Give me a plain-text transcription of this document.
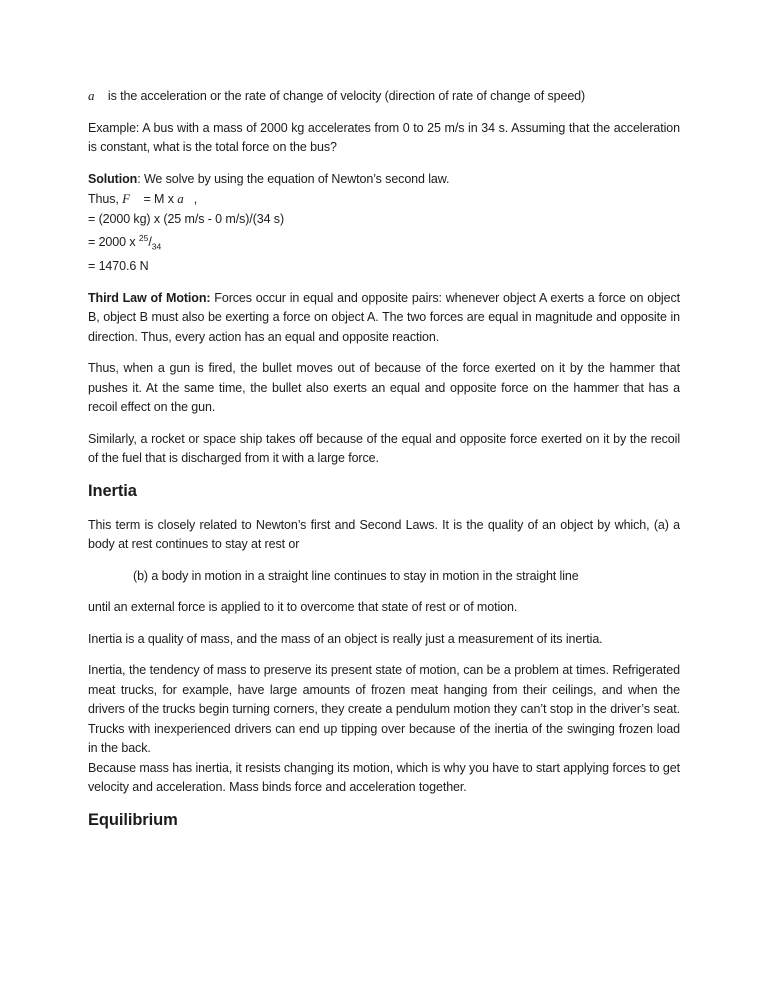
a⃗ is the acceleration or the rate of change of velocity (direction of rate of change of speed)

Example: A bus with a mass of 2000 kg accelerates from 0 to 25 m/s in 34 s. Assuming that the acceleration is constant, what is the total force on the bus?

Solution: We solve by using the equation of Newton’s second law.
Thus, F⃗ = M x a⃗,
= (2000 kg) x (25 m/s - 0 m/s)/(34 s)
= 2000 x $^{25}/_{34}$
= 1470.6 N

Third Law of Motion: Forces occur in equal and opposite pairs: whenever object A exerts a force on object B, object B must also be exerting a force on object A. The two forces are equal in magnitude and opposite in direction. Thus, every action has an equal and opposite reaction.

Thus, when a gun is fired, the bullet moves out of because of the force exerted on it by the hammer that pushes it. At the same time, the bullet also exerts an equal and opposite force on the hammer that has a recoil effect on the gun.

Similarly, a rocket or space ship takes off because of the equal and opposite force exerted on it by the recoil of the fuel that is discharged from it with a large force.

Inertia

This term is closely related to Newton’s first and Second Laws. It is the quality of an object by which, (a) a body at rest continues to stay at rest or

(b) a body in motion in a straight line continues to stay in motion in the straight line

until an external force is applied to it to overcome that state of rest or of motion.

Inertia is a quality of mass, and the mass of an object is really just a measurement of its inertia.

Inertia, the tendency of mass to preserve its present state of motion, can be a problem at times. Refrigerated meat trucks, for example, have large amounts of frozen meat hanging from their ceilings, and when the drivers of the trucks begin turning corners, they create a pendulum motion they can’t stop in the driver’s seat. Trucks with inexperienced drivers can end up tipping over because of the inertia of the swinging frozen load in the back.

Because mass has inertia, it resists changing its motion, which is why you have to start applying forces to get velocity and acceleration. Mass binds force and acceleration together.

Equilibrium
